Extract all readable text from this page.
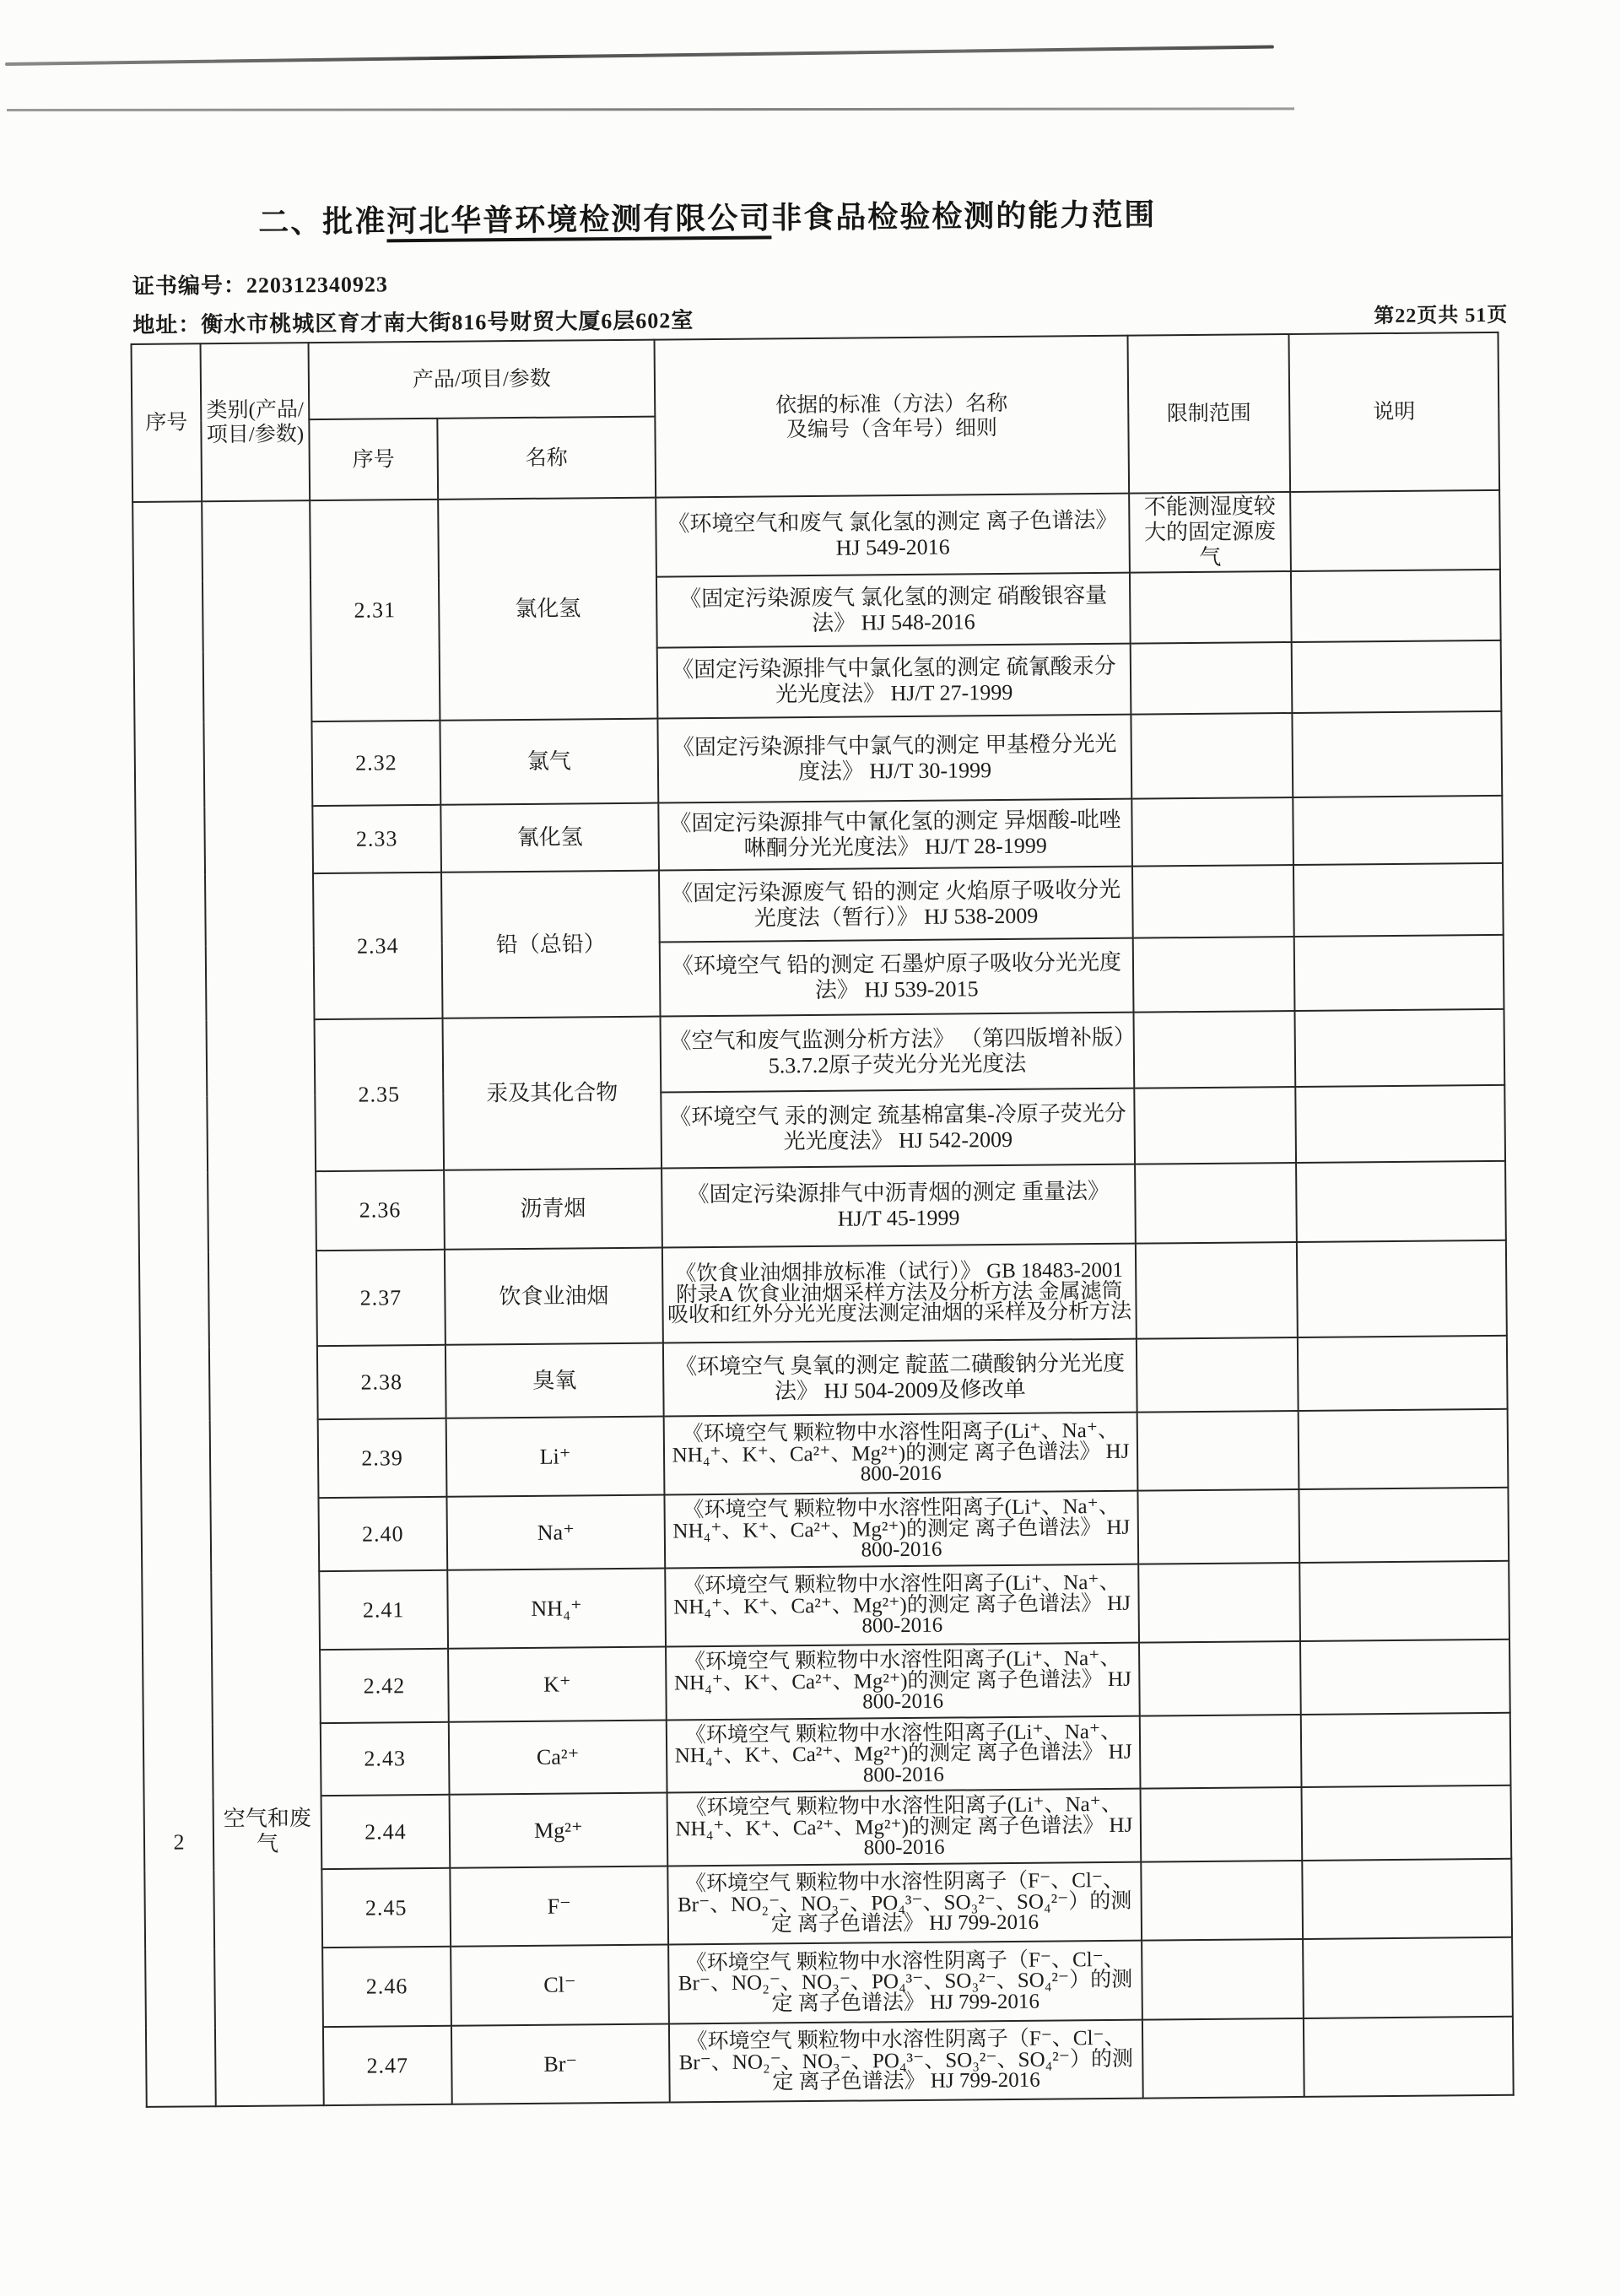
二、批准河北华普环境检测有限公司非食品检验检测的能力范围
证书编号：220312340923
地址：衡水市桃城区育才南大街816号财贸大厦6层602室	第22页共 51页
序号	类别(产品/项目/参数)	产品/项目/参数		依据的标准（方法）名称
及编号（含年号）细则	限制范围	说明
		序号	名称			

2	空气和废气	2.31	氯化氢	《环境空气和废气 氯化氢的测定 离子色谱法》 HJ 549-2016	不能测湿度较大的固定源废气	
				《固定污染源废气 氯化氢的测定 硝酸银容量法》 HJ 548-2016		
				《固定污染源排气中氯化氢的测定 硫氰酸汞分光光度法》 HJ/T 27-1999		
		2.32	氯气	《固定污染源排气中氯气的测定 甲基橙分光光度法》 HJ/T 30-1999		
		2.33	氰化氢	《固定污染源排气中氰化氢的测定 异烟酸-吡唑啉酮分光光度法》 HJ/T 28-1999		
		2.34	铅（总铅）	《固定污染源废气 铅的测定 火焰原子吸收分光光度法（暂行）》 HJ 538-2009		
				《环境空气 铅的测定 石墨炉原子吸收分光光度法》 HJ 539-2015		
		2.35	汞及其化合物	《空气和废气监测分析方法》 （第四版增补版）5.3.7.2原子荧光分光光度法		
				《环境空气 汞的测定 巯基棉富集-冷原子荧光分光光度法》 HJ 542-2009		
		2.36	沥青烟	《固定污染源排气中沥青烟的测定 重量法》 HJ/T 45-1999		
		2.37	饮食业油烟	《饮食业油烟排放标准（试行）》 GB 18483-2001 附录A 饮食业油烟采样方法及分析方法 金属滤筒吸收和红外分光光度法测定油烟的采样及分析方法		
		2.38	臭氧	《环境空气 臭氧的测定 靛蓝二磺酸钠分光光度法》 HJ 504-2009及修改单		
		2.39	Li⁺	《环境空气 颗粒物中水溶性阳离子(Li⁺、Na⁺、NH₄⁺、K⁺、Ca²⁺、Mg²⁺)的测定 离子色谱法》 HJ 800-2016		
		2.40	Na⁺	《环境空气 颗粒物中水溶性阳离子(Li⁺、Na⁺、NH₄⁺、K⁺、Ca²⁺、Mg²⁺)的测定 离子色谱法》 HJ 800-2016		
		2.41	NH₄⁺	《环境空气 颗粒物中水溶性阳离子(Li⁺、Na⁺、NH₄⁺、K⁺、Ca²⁺、Mg²⁺)的测定 离子色谱法》 HJ 800-2016		
		2.42	K⁺	《环境空气 颗粒物中水溶性阳离子(Li⁺、Na⁺、NH₄⁺、K⁺、Ca²⁺、Mg²⁺)的测定 离子色谱法》 HJ 800-2016		
		2.43	Ca²⁺	《环境空气 颗粒物中水溶性阳离子(Li⁺、Na⁺、NH₄⁺、K⁺、Ca²⁺、Mg²⁺)的测定 离子色谱法》 HJ 800-2016		
		2.44	Mg²⁺	《环境空气 颗粒物中水溶性阳离子(Li⁺、Na⁺、NH₄⁺、K⁺、Ca²⁺、Mg²⁺)的测定 离子色谱法》 HJ 800-2016		
		2.45	F⁻	《环境空气 颗粒物中水溶性阴离子（F⁻、Cl⁻、Br⁻、NO₂⁻、NO₃⁻、PO₄³⁻、SO₃²⁻、SO₄²⁻）的测定 离子色谱法》 HJ 799-2016		
		2.46	Cl⁻	《环境空气 颗粒物中水溶性阴离子（F⁻、Cl⁻、Br⁻、NO₂⁻、NO₃⁻、PO₄³⁻、SO₃²⁻、SO₄²⁻）的测定 离子色谱法》 HJ 799-2016		
		2.47	Br⁻	《环境空气 颗粒物中水溶性阴离子（F⁻、Cl⁻、Br⁻、NO₂⁻、NO₃⁻、PO₄³⁻、SO₃²⁻、SO₄²⁻）的测定 离子色谱法》 HJ 799-2016		
